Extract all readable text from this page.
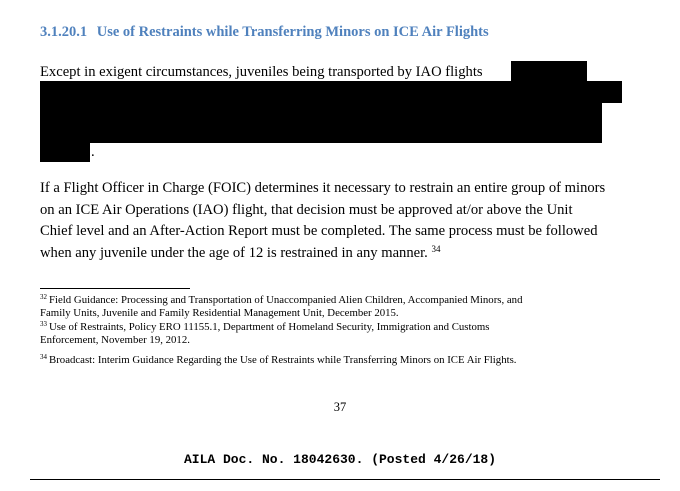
3.1.20.1 Use of Restraints while Transferring Minors on ICE Air Flights
Except in exigent circumstances, juveniles being transported by IAO flights
.
If a Flight Officer in Charge (FOIC) determines it necessary to restrain an entire group of minors
on an ICE Air Operations (IAO) flight, that decision must be approved at/or above the Unit
Chief level and an After-Action Report must be completed. The same process must be followed
when any juvenile under the age of 12 is restrained in any manner. $^{34}$
$^{32}$ Field Guidance: Processing and Transportation of Unaccompanied Alien Children, Accompanied Minors, and
Family Units, Juvenile and Family Residential Management Unit, December 2015.
$^{33}$ Use of Restraints, Policy ERO 11155.1, Department of Homeland Security, Immigration and Customs
Enforcement, November 19, 2012.
$^{34}$ Broadcast: Interim Guidance Regarding the Use of Restraints while Transferring Minors on ICE Air Flights.
37
AILA Doc. No. 18042630. (Posted 4/26/18)
